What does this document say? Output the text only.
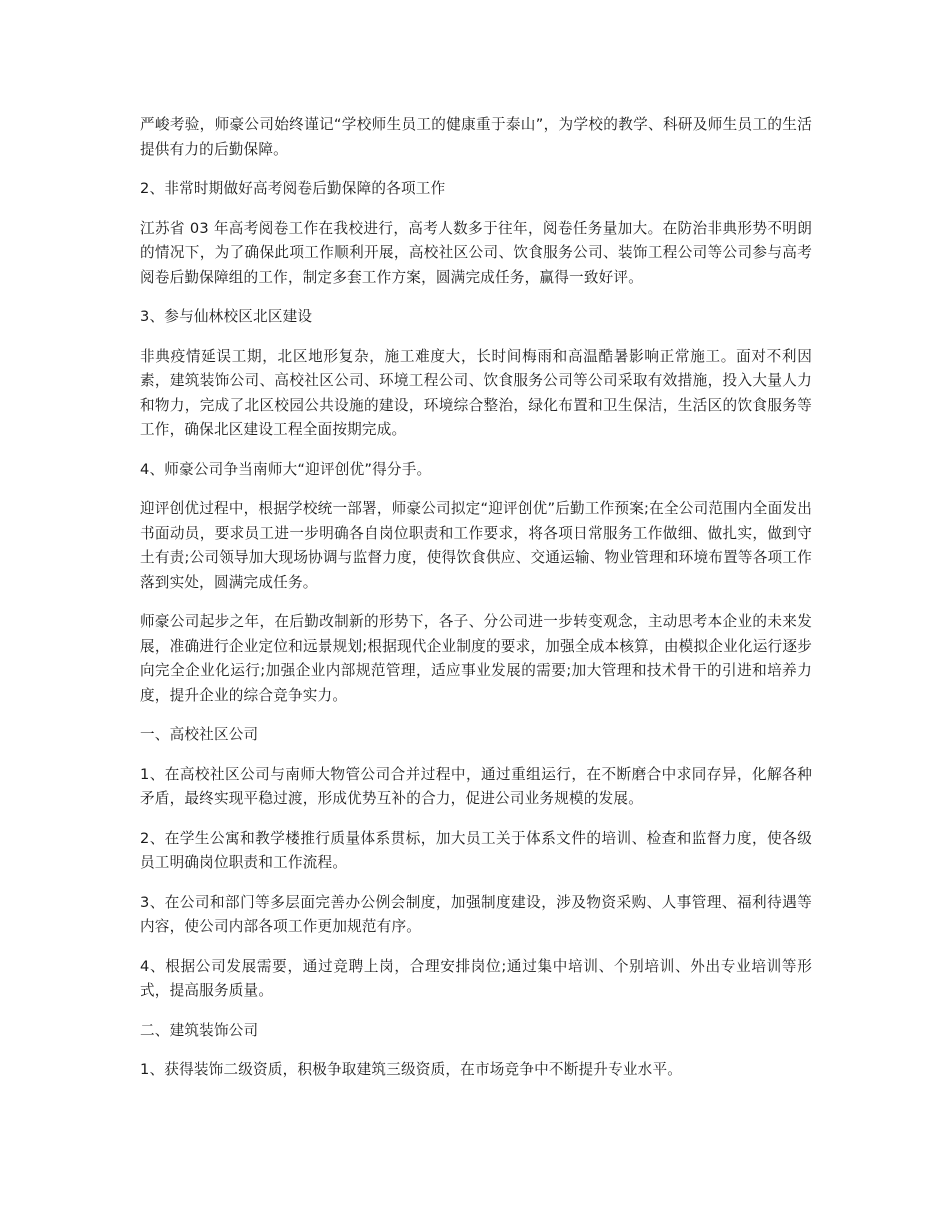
严峻考验，师豪公司始终谨记“学校师生员工的健康重于泰山”，为学校的教学、科研及师生员工的生活提供有力的后勤保障。

2、非常时期做好高考阅卷后勤保障的各项工作

江苏省 03 年高考阅卷工作在我校进行，高考人数多于往年，阅卷任务量加大。在防治非典形势不明朗的情况下，为了确保此项工作顺利开展，高校社区公司、饮食服务公司、装饰工程公司等公司参与高考阅卷后勤保障组的工作，制定多套工作方案，圆满完成任务，赢得一致好评。

3、参与仙林校区北区建设

非典疫情延误工期，北区地形复杂，施工难度大，长时间梅雨和高温酷暑影响正常施工。面对不利因素，建筑装饰公司、高校社区公司、环境工程公司、饮食服务公司等公司采取有效措施，投入大量人力和物力，完成了北区校园公共设施的建设，环境综合整治，绿化布置和卫生保洁，生活区的饮食服务等工作，确保北区建设工程全面按期完成。

4、师豪公司争当南师大“迎评创优”得分手。

迎评创优过程中，根据学校统一部署，师豪公司拟定“迎评创优”后勤工作预案;在全公司范围内全面发出书面动员，要求员工进一步明确各自岗位职责和工作要求，将各项日常服务工作做细、做扎实，做到守土有责;公司领导加大现场协调与监督力度，使得饮食供应、交通运输、物业管理和环境布置等各项工作落到实处，圆满完成任务。

师豪公司起步之年，在后勤改制新的形势下，各子、分公司进一步转变观念，主动思考本企业的未来发展，准确进行企业定位和远景规划;根据现代企业制度的要求，加强全成本核算，由模拟企业化运行逐步向完全企业化运行;加强企业内部规范管理，适应事业发展的需要;加大管理和技术骨干的引进和培养力度，提升企业的综合竞争实力。

一、高校社区公司

1、在高校社区公司与南师大物管公司合并过程中，通过重组运行，在不断磨合中求同存异，化解各种矛盾，最终实现平稳过渡，形成优势互补的合力，促进公司业务规模的发展。

2、在学生公寓和教学楼推行质量体系贯标，加大员工关于体系文件的培训、检查和监督力度，使各级员工明确岗位职责和工作流程。

3、在公司和部门等多层面完善办公例会制度，加强制度建设，涉及物资采购、人事管理、福利待遇等内容，使公司内部各项工作更加规范有序。

4、根据公司发展需要，通过竞聘上岗，合理安排岗位;通过集中培训、个别培训、外出专业培训等形式，提高服务质量。

二、建筑装饰公司

1、获得装饰二级资质，积极争取建筑三级资质，在市场竞争中不断提升专业水平。
